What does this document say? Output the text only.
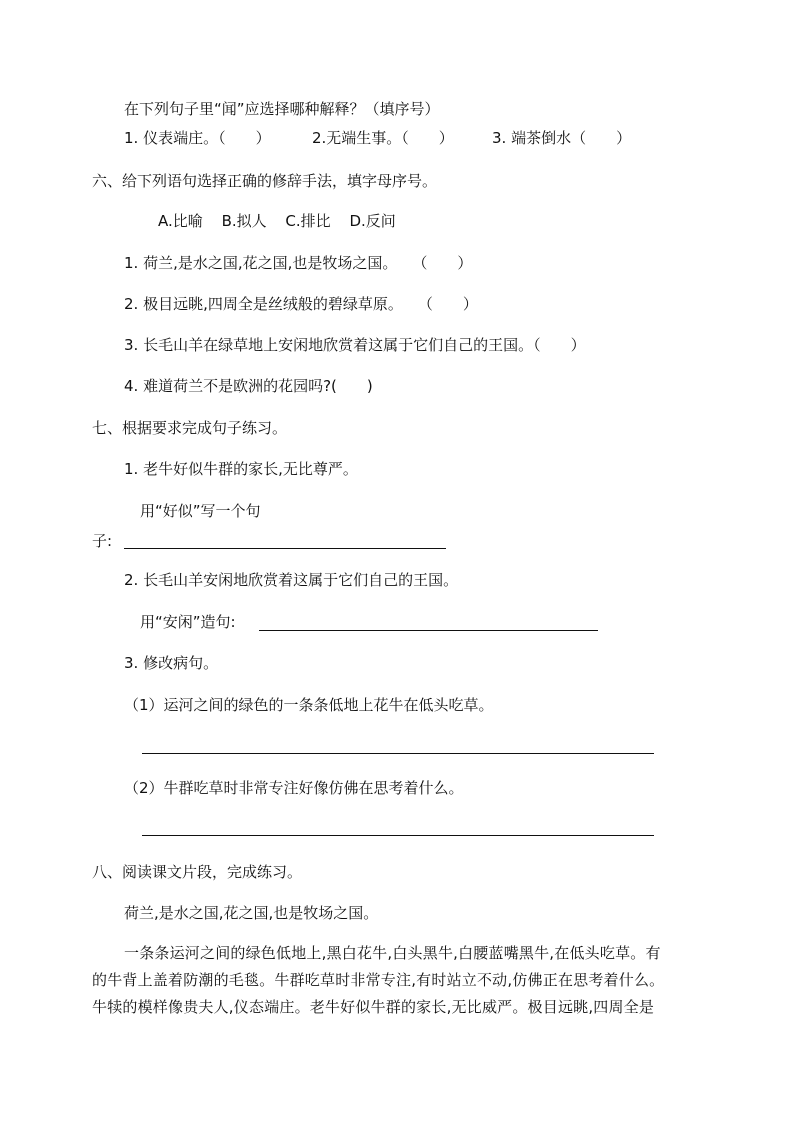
在下列句子里“闻”应选择哪种解释？（填序号）
1. 仪表端庄。（　　）	2.无端生事。（　　）	3. 端茶倒水（　　）
六、给下列语句选择正确的修辞手法，填字母序号。
A.比喻 B.拟人 C.排比 D.反问
1. 荷兰,是水之国,花之国,也是牧场之国。　　（　　）
2. 极目远眺,四周全是丝绒般的碧绿草原。　　（　　）
3. 长毛山羊在绿草地上安闲地欣赏着这属于它们自己的王国。（　　）
4. 难道荷兰不是欧洲的花园吗?(　　)
七、根据要求完成句子练习。
1. 老牛好似牛群的家长,无比尊严。
用“好似”写一个句
子:
2. 长毛山羊安闲地欣赏着这属于它们自己的王国。
用“安闲”造句:
3. 修改病句。
（1）运河之间的绿色的一条条低地上花牛在低头吃草。
（2）牛群吃草时非常专注好像仿佛在思考着什么。
八、阅读课文片段，完成练习。
荷兰,是水之国,花之国,也是牧场之国。
一条条运河之间的绿色低地上,黑白花牛,白头黑牛,白腰蓝嘴黑牛,在低头吃草。有
的牛背上盖着防潮的毛毯。牛群吃草时非常专注,有时站立不动,仿佛正在思考着什么。
牛犊的模样像贵夫人,仪态端庄。老牛好似牛群的家长,无比威严。极目远眺,四周全是
